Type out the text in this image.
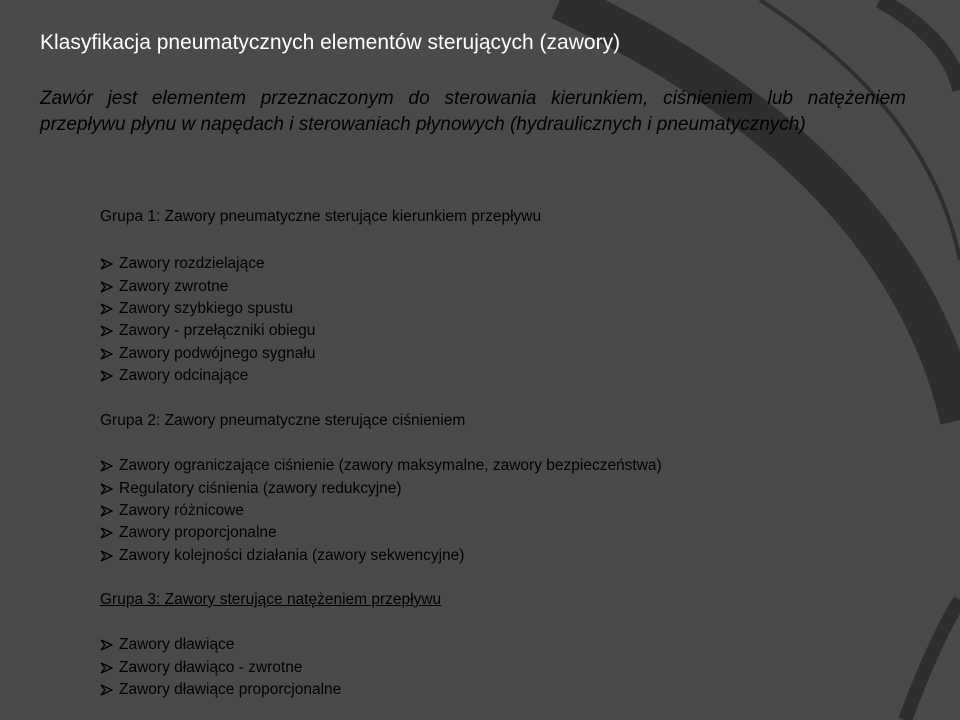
Klasyfikacja pneumatycznych elementów sterujących (zawory)

Zawór jest elementem przeznaczonym do sterowania kierunkiem, ciśnieniem lub natężeniem przepływu płynu w napędach i sterowaniach płynowych (hydraulicznych i pneumatycznych)

Grupa 1: Zawory pneumatyczne sterujące kierunkiem przepływu
Zawory rozdzielające
Zawory zwrotne
Zawory szybkiego spustu
Zawory - przełączniki obiegu
Zawory podwójnego sygnału
Zawory odcinające
Grupa 2: Zawory pneumatyczne sterujące ciśnieniem
Zawory ograniczające ciśnienie (zawory maksymalne, zawory bezpieczeństwa)
Regulatory ciśnienia (zawory redukcyjne)
Zawory różnicowe
Zawory proporcjonalne
Zawory kolejności działania (zawory sekwencyjne)
Grupa 3: Zawory sterujące natężeniem przepływu
Zawory dławiące
Zawory dławiąco - zwrotne
Zawory dławiące proporcjonalne
